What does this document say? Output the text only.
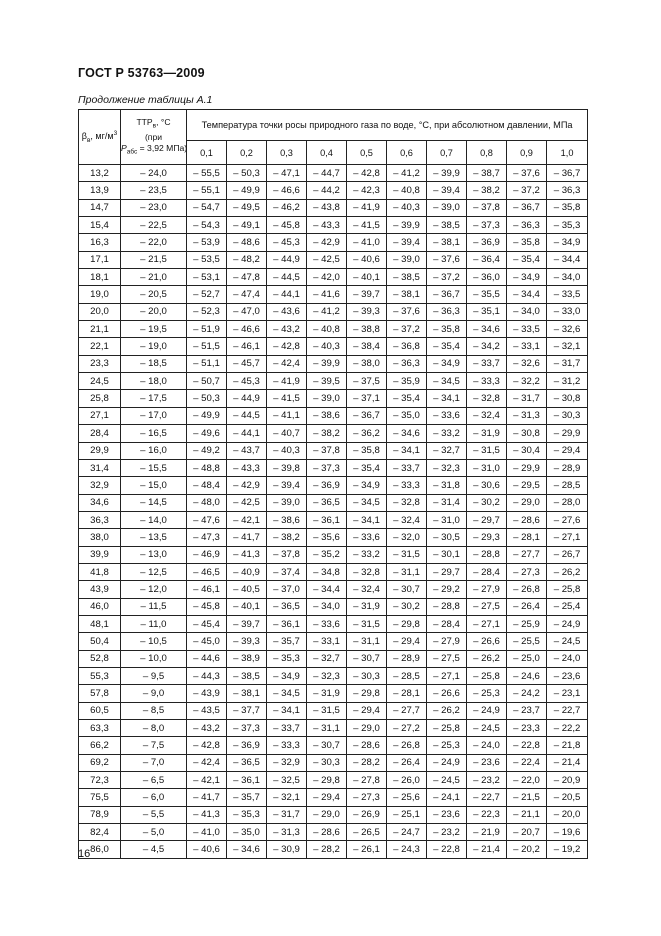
ГОСТ Р 53763—2009
Продолжение таблицы А.1
$\beta_в$, $мг/м^3$	$ТТР_в$, °С
(при
$P_{абс} = 3,92$ МПа)	Температура точки росы природного газа по воде, °С, при абсолютном давлении, МПа									
		0,1	0,2	0,3	0,4	0,5	0,6	0,7	0,8	0,9	1,0
13,2	– 24,0	– 55,5	– 50,3	– 47,1	– 44,7	– 42,8	– 41,2	– 39,9	– 38,7	– 37,6	– 36,7
13,9	– 23,5	– 55,1	– 49,9	– 46,6	– 44,2	– 42,3	– 40,8	– 39,4	– 38,2	– 37,2	– 36,3
14,7	– 23,0	– 54,7	– 49,5	– 46,2	– 43,8	– 41,9	– 40,3	– 39,0	– 37,8	– 36,7	– 35,8
15,4	– 22,5	– 54,3	– 49,1	– 45,8	– 43,3	– 41,5	– 39,9	– 38,5	– 37,3	– 36,3	– 35,3
16,3	– 22,0	– 53,9	– 48,6	– 45,3	– 42,9	– 41,0	– 39,4	– 38,1	– 36,9	– 35,8	– 34,9
17,1	– 21,5	– 53,5	– 48,2	– 44,9	– 42,5	– 40,6	– 39,0	– 37,6	– 36,4	– 35,4	– 34,4
18,1	– 21,0	– 53,1	– 47,8	– 44,5	– 42,0	– 40,1	– 38,5	– 37,2	– 36,0	– 34,9	– 34,0
19,0	– 20,5	– 52,7	– 47,4	– 44,1	– 41,6	– 39,7	– 38,1	– 36,7	– 35,5	– 34,4	– 33,5
20,0	– 20,0	– 52,3	– 47,0	– 43,6	– 41,2	– 39,3	– 37,6	– 36,3	– 35,1	– 34,0	– 33,0
21,1	– 19,5	– 51,9	– 46,6	– 43,2	– 40,8	– 38,8	– 37,2	– 35,8	– 34,6	– 33,5	– 32,6
22,1	– 19,0	– 51,5	– 46,1	– 42,8	– 40,3	– 38,4	– 36,8	– 35,4	– 34,2	– 33,1	– 32,1
23,3	– 18,5	– 51,1	– 45,7	– 42,4	– 39,9	– 38,0	– 36,3	– 34,9	– 33,7	– 32,6	– 31,7
24,5	– 18,0	– 50,7	– 45,3	– 41,9	– 39,5	– 37,5	– 35,9	– 34,5	– 33,3	– 32,2	– 31,2
25,8	– 17,5	– 50,3	– 44,9	– 41,5	– 39,0	– 37,1	– 35,4	– 34,1	– 32,8	– 31,7	– 30,8
27,1	– 17,0	– 49,9	– 44,5	– 41,1	– 38,6	– 36,7	– 35,0	– 33,6	– 32,4	– 31,3	– 30,3
28,4	– 16,5	– 49,6	– 44,1	– 40,7	– 38,2	– 36,2	– 34,6	– 33,2	– 31,9	– 30,8	– 29,9
29,9	– 16,0	– 49,2	– 43,7	– 40,3	– 37,8	– 35,8	– 34,1	– 32,7	– 31,5	– 30,4	– 29,4
31,4	– 15,5	– 48,8	– 43,3	– 39,8	– 37,3	– 35,4	– 33,7	– 32,3	– 31,0	– 29,9	– 28,9
32,9	– 15,0	– 48,4	– 42,9	– 39,4	– 36,9	– 34,9	– 33,3	– 31,8	– 30,6	– 29,5	– 28,5
34,6	– 14,5	– 48,0	– 42,5	– 39,0	– 36,5	– 34,5	– 32,8	– 31,4	– 30,2	– 29,0	– 28,0
36,3	– 14,0	– 47,6	– 42,1	– 38,6	– 36,1	– 34,1	– 32,4	– 31,0	– 29,7	– 28,6	– 27,6
38,0	– 13,5	– 47,3	– 41,7	– 38,2	– 35,6	– 33,6	– 32,0	– 30,5	– 29,3	– 28,1	– 27,1
39,9	– 13,0	– 46,9	– 41,3	– 37,8	– 35,2	– 33,2	– 31,5	– 30,1	– 28,8	– 27,7	– 26,7
41,8	– 12,5	– 46,5	– 40,9	– 37,4	– 34,8	– 32,8	– 31,1	– 29,7	– 28,4	– 27,3	– 26,2
43,9	– 12,0	– 46,1	– 40,5	– 37,0	– 34,4	– 32,4	– 30,7	– 29,2	– 27,9	– 26,8	– 25,8
46,0	– 11,5	– 45,8	– 40,1	– 36,5	– 34,0	– 31,9	– 30,2	– 28,8	– 27,5	– 26,4	– 25,4
48,1	– 11,0	– 45,4	– 39,7	– 36,1	– 33,6	– 31,5	– 29,8	– 28,4	– 27,1	– 25,9	– 24,9
50,4	– 10,5	– 45,0	– 39,3	– 35,7	– 33,1	– 31,1	– 29,4	– 27,9	– 26,6	– 25,5	– 24,5
52,8	– 10,0	– 44,6	– 38,9	– 35,3	– 32,7	– 30,7	– 28,9	– 27,5	– 26,2	– 25,0	– 24,0
55,3	– 9,5	– 44,3	– 38,5	– 34,9	– 32,3	– 30,3	– 28,5	– 27,1	– 25,8	– 24,6	– 23,6
57,8	– 9,0	– 43,9	– 38,1	– 34,5	– 31,9	– 29,8	– 28,1	– 26,6	– 25,3	– 24,2	– 23,1
60,5	– 8,5	– 43,5	– 37,7	– 34,1	– 31,5	– 29,4	– 27,7	– 26,2	– 24,9	– 23,7	– 22,7
63,3	– 8,0	– 43,2	– 37,3	– 33,7	– 31,1	– 29,0	– 27,2	– 25,8	– 24,5	– 23,3	– 22,2
66,2	– 7,5	– 42,8	– 36,9	– 33,3	– 30,7	– 28,6	– 26,8	– 25,3	– 24,0	– 22,8	– 21,8
69,2	– 7,0	– 42,4	– 36,5	– 32,9	– 30,3	– 28,2	– 26,4	– 24,9	– 23,6	– 22,4	– 21,4
72,3	– 6,5	– 42,1	– 36,1	– 32,5	– 29,8	– 27,8	– 26,0	– 24,5	– 23,2	– 22,0	– 20,9
75,5	– 6,0	– 41,7	– 35,7	– 32,1	– 29,4	– 27,3	– 25,6	– 24,1	– 22,7	– 21,5	– 20,5
78,9	– 5,5	– 41,3	– 35,3	– 31,7	– 29,0	– 26,9	– 25,1	– 23,6	– 22,3	– 21,1	– 20,0
82,4	– 5,0	– 41,0	– 35,0	– 31,3	– 28,6	– 26,5	– 24,7	– 23,2	– 21,9	– 20,7	– 19,6
86,0	– 4,5	– 40,6	– 34,6	– 30,9	– 28,2	– 26,1	– 24,3	– 22,8	– 21,4	– 20,2	– 19,2
16
